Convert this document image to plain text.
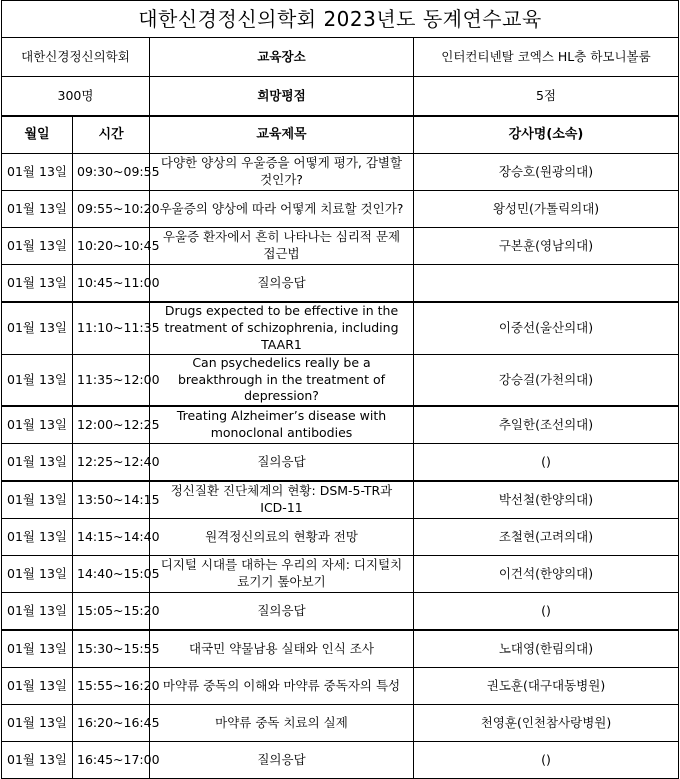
대한신경정신의학회 2023년도 동계연수교육			
대한신경정신의학회		교육장소	인터컨티넨탈 코엑스 HL층 하모니볼룸
300명		희망평점	5점
월일	시간	교육제목	강사명(소속)
01월 13일	09:30~09:55	다양한 양상의 우울증을 어떻게 평가, 감별할 것인가?	장승호(원광의대)
01월 13일	09:55~10:20	우울증의 양상에 따라 어떻게 치료할 것인가?	왕성민(가톨릭의대)
01월 13일	10:20~10:45	우울증 환자에서 흔히 나타나는 심리적 문제 접근법	구본훈(영남의대)
01월 13일	10:45~11:00	질의응답	
01월 13일	11:10~11:35	Drugs expected to be effective in the treatment of schizophrenia, including TAAR1	이중선(울산의대)
01월 13일	11:35~12:00	Can psychedelics really be a breakthrough in the treatment of depression?	강승걸(가천의대)
01월 13일	12:00~12:25	Treating Alzheimer’s disease with monoclonal antibodies	추일한(조선의대)
01월 13일	12:25~12:40	질의응답	()
01월 13일	13:50~14:15	정신질환 진단체계의 현황: DSM-5-TR과 ICD-11	박선철(한양의대)
01월 13일	14:15~14:40	원격정신의료의 현황과 전망	조철현(고려의대)
01월 13일	14:40~15:05	디지털 시대를 대하는 우리의 자세: 디지털치료기기 톺아보기	이건석(한양의대)
01월 13일	15:05~15:20	질의응답	()
01월 13일	15:30~15:55	대국민 약물남용 실태와 인식 조사	노대영(한림의대)
01월 13일	15:55~16:20	마약류 중독의 이해와 마약류 중독자의 특성	권도훈(대구대동병원)
01월 13일	16:20~16:45	마약류 중독 치료의 실제	천영훈(인천참사랑병원)
01월 13일	16:45~17:00	질의응답	()
